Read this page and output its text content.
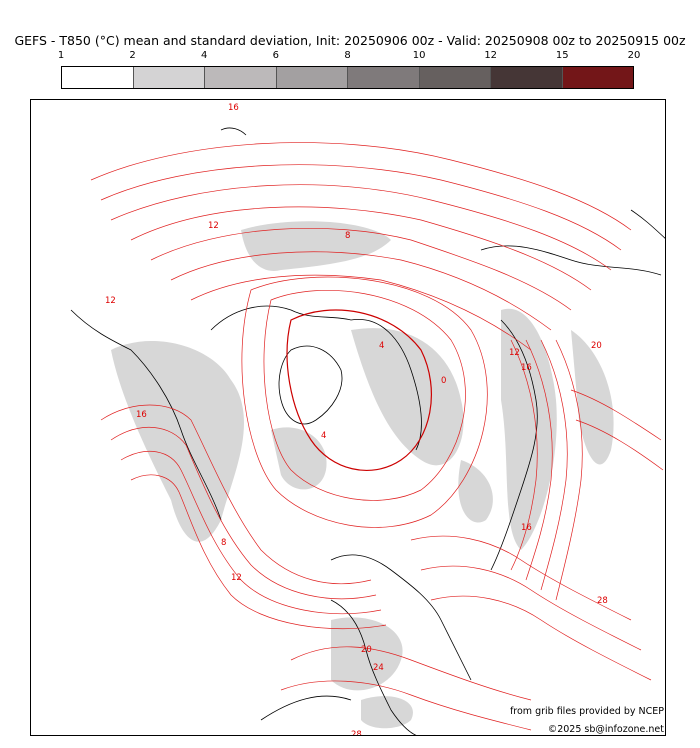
GEFS - T850 (°C) mean and standard deviation, Init: 20250906 00z - Valid: 20250908 00z to 20250915 00z
1	2	4	6	8	10	12	15	20
16
12
8
4
0
12
16
20
12
16
16
8
12
20
24
28
28
4
from grib files provided by NCEP
©2025 sb@infozone.net
